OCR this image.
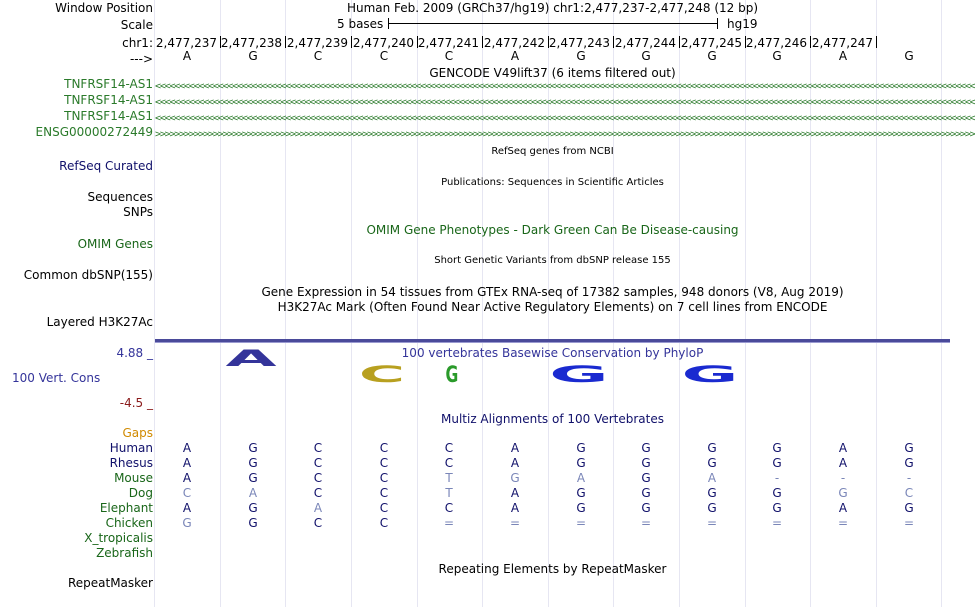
Window Position
Scale
chr1:
--->
Human Feb. 2009 (GRCh37/hg19) chr1:2,477,237-2,477,248 (12 bp)
5 bases	hg19
2,477,237 2,477,238 2,477,239 2,477,240 2,477,241 2,477,242 2,477,243 2,477,244 2,477,245 2,477,246 2,477,247
A	G	C	C	C	A	G	G	G	G	A	G
GENCODE V49lift37 (6 items filtered out)
TNFRSF14-AS1 <<<<<<<<<<<<<<<<<<<<<<<<<<<<<<<<<<<<<<<<<<<<<<<<<<<<<<<<<<<<<<<<<<<<<<<<<<<<<<<<<<<<<<<<<<<<<<<<<<<<<<<<<<<<<<<<<<<<<<<<<<<<<<<<<<<<<<<<<<<<<<<<<<<<<<<<<<<<<<<<<<<<<<<<<<
TNFRSF14-AS1 <<<<<<<<<<<<<<<<<<<<<<<<<<<<<<<<<<<<<<<<<<<<<<<<<<<<<<<<<<<<<<<<<<<<<<<<<<<<<<<<<<<<<<<<<<<<<<<<<<<<<<<<<<<<<<<<<<<<<<<<<<<<<<<<<<<<<<<<<<<<<<<<<<<<<<<<<<<<<<<<<<<<<<<<<<
TNFRSF14-AS1 <<<<<<<<<<<<<<<<<<<<<<<<<<<<<<<<<<<<<<<<<<<<<<<<<<<<<<<<<<<<<<<<<<<<<<<<<<<<<<<<<<<<<<<<<<<<<<<<<<<<<<<<<<<<<<<<<<<<<<<<<<<<<<<<<<<<<<<<<<<<<<<<<<<<<<<<<<<<<<<<<<<<<<<<<<
ENSG00000272449 >>>>>>>>>>>>>>>>>>>>>>>>>>>>>>>>>>>>>>>>>>>>>>>>>>>>>>>>>>>>>>>>>>>>>>>>>>>>>>>>>>>>>>>>>>>>>>>>>>>>>>>>>>>>>>>>>>>>>>>>>>>>>>>>>>>>>>>>>>>>>>>>>>>>>>>>>>>>>>>>>>>>>>>>>>
RefSeq Curated
RefSeq genes from NCBI
Publications: Sequences in Scientific Articles
Sequences
SNPs
OMIM Gene Phenotypes - Dark Green Can Be Disease-causing
OMIM Genes
Short Genetic Variants from dbSNP release 155
Common dbSNP(155)
Gene Expression in 54 tissues from GTEx RNA-seq of 17382 samples, 948 donors (V8, Aug 2019)
H3K27Ac Mark (Often Found Near Active Regulatory Elements) on 7 cell lines from ENCODE
Layered H3K27Ac
4.88 _	100 vertebrates Basewise Conservation by PhyloP
100 Vert. Cons
-4.5 _
A
C	G	G	G
Multiz Alignments of 100 Vertebrates
Gaps
Human	A	G	C	C	C	A	G	G	G	G	A	G
Rhesus	A	G	C	C	C	A	G	G	G	G	A	G
Mouse	A	G	C	C	T	G	A	G	A	-	-	-
Dog	C	A	C	C	T	A	G	G	G	G	G	C
Elephant	A	G	A	C	C	A	G	G	G	G	A	G
Chicken	G	G	C	C	=	=	=	=	=	=	=	=
X_tropicalis
Zebrafish
Repeating Elements by RepeatMasker
RepeatMasker
